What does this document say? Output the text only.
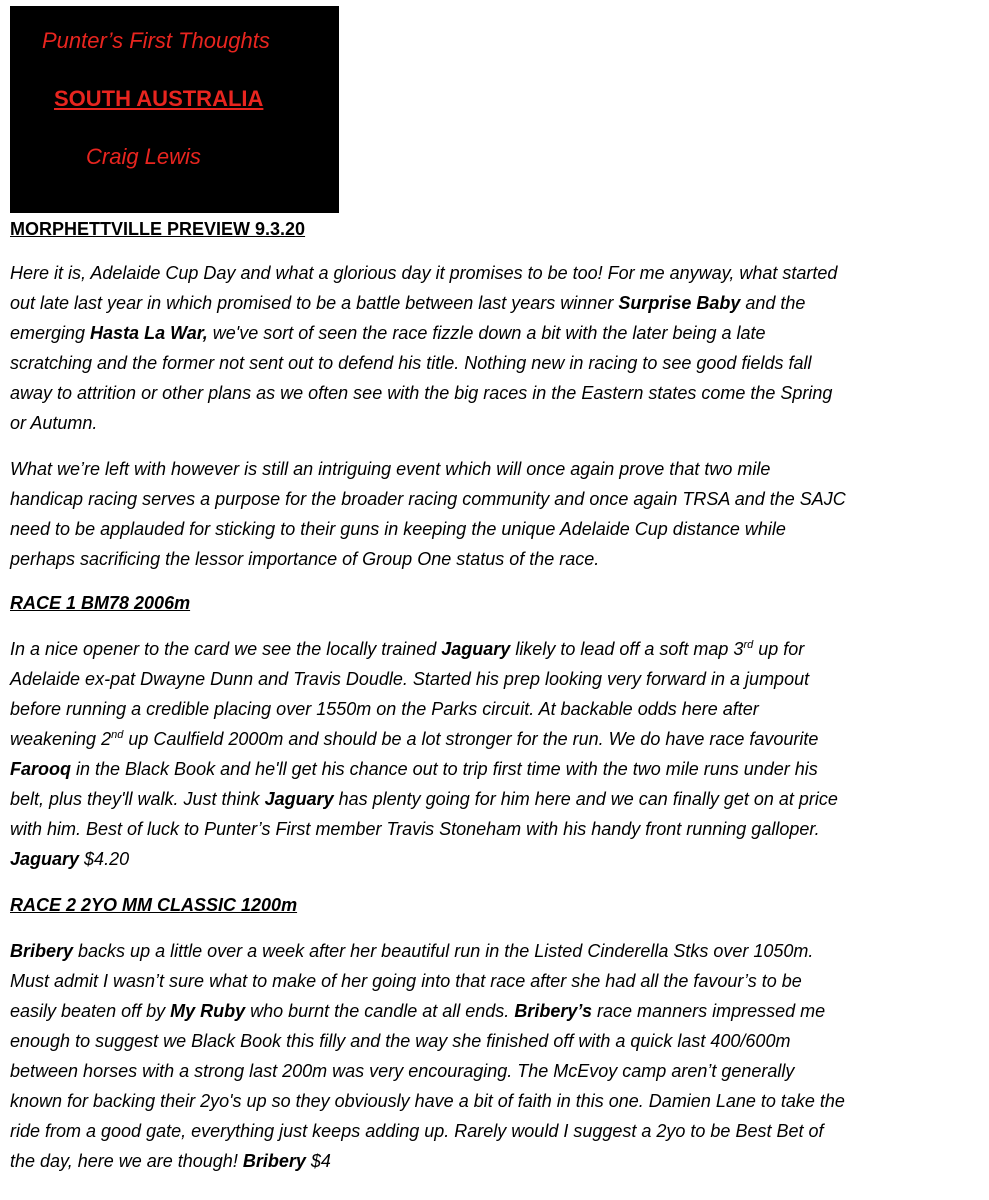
Punter’s First Thoughts
SOUTH AUSTRALIA
Craig Lewis

MORPHETTVILLE PREVIEW 9.3.20

Here it is, Adelaide Cup Day and what a glorious day it promises to be too! For me anyway, what started
out late last year in which promised to be a battle between last years winner Surprise Baby and the
emerging Hasta La War, we've sort of seen the race fizzle down a bit with the later being a late
scratching and the former not sent out to defend his title. Nothing new in racing to see good fields fall
away to attrition or other plans as we often see with the big races in the Eastern states come the Spring
or Autumn.

What we’re left with however is still an intriguing event which will once again prove that two mile
handicap racing serves a purpose for the broader racing community and once again TRSA and the SAJC
need to be applauded for sticking to their guns in keeping the unique Adelaide Cup distance while
perhaps sacrificing the lessor importance of Group One status of the race.

RACE 1 BM78 2006m

In a nice opener to the card we see the locally trained Jaguary likely to lead off a soft map 3rd up for
Adelaide ex-pat Dwayne Dunn and Travis Doudle. Started his prep looking very forward in a jumpout
before running a credible placing over 1550m on the Parks circuit. At backable odds here after
weakening 2nd up Caulfield 2000m and should be a lot stronger for the run. We do have race favourite
Farooq in the Black Book and he'll get his chance out to trip first time with the two mile runs under his
belt, plus they'll walk. Just think Jaguary has plenty going for him here and we can finally get on at price
with him. Best of luck to Punter’s First member Travis Stoneham with his handy front running galloper.
Jaguary $4.20

RACE 2 2YO MM CLASSIC 1200m

Bribery backs up a little over a week after her beautiful run in the Listed Cinderella Stks over 1050m.
Must admit I wasn’t sure what to make of her going into that race after she had all the favour’s to be
easily beaten off by My Ruby who burnt the candle at all ends. Bribery’s race manners impressed me
enough to suggest we Black Book this filly and the way she finished off with a quick last 400/600m
between horses with a strong last 200m was very encouraging. The McEvoy camp aren’t generally
known for backing their 2yo's up so they obviously have a bit of faith in this one. Damien Lane to take the
ride from a good gate, everything just keeps adding up. Rarely would I suggest a 2yo to be Best Bet of
the day, here we are though! Bribery $4
